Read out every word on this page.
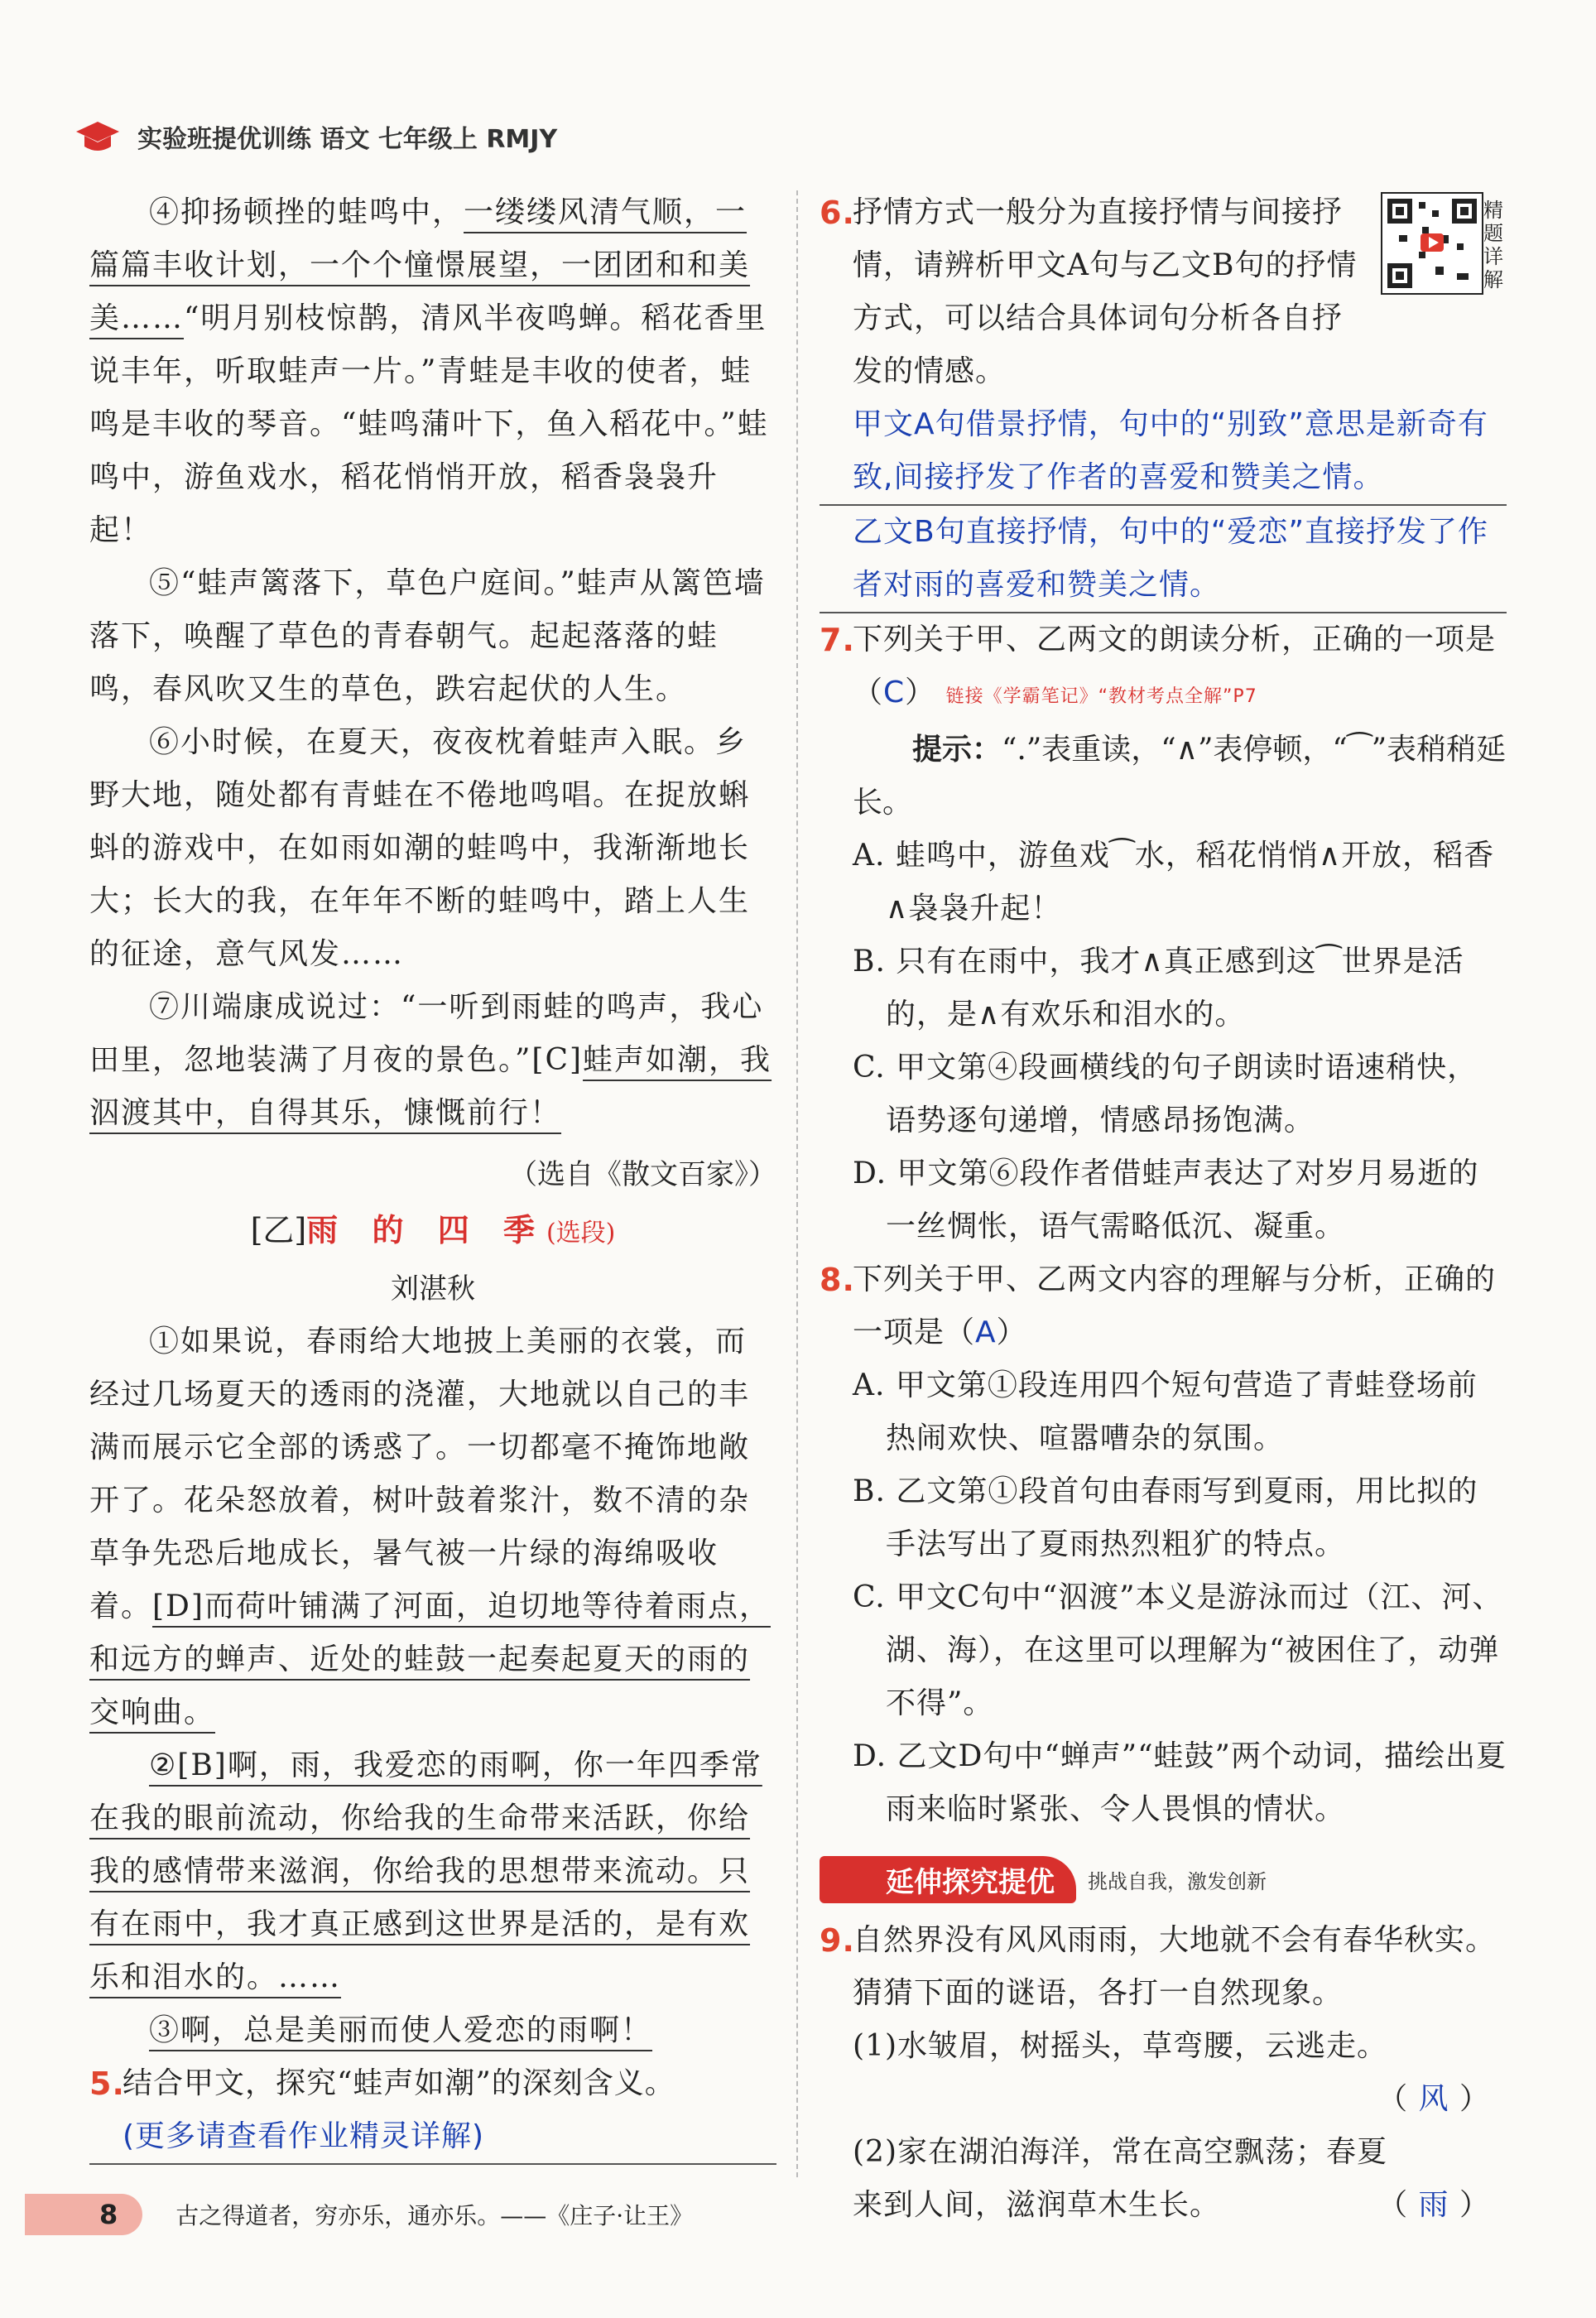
实验班提优训练 语文 七年级上 RMJY

④抑扬顿挫的蛙鸣中，一缕缕风清气顺，一篇篇丰收计划，一个个憧憬展望，一团团和和美美……“明月别枝惊鹊，清风半夜鸣蝉。稻花香里说丰年，听取蛙声一片。”青蛙是丰收的使者，蛙鸣是丰收的琴音。“蛙鸣蒲叶下，鱼入稻花中。”蛙鸣中，游鱼戏水，稻花悄悄开放，稻香袅袅升起！

⑤“蛙声篱落下，草色户庭间。”蛙声从篱笆墙落下，唤醒了草色的青春朝气。起起落落的蛙鸣，春风吹又生的草色，跌宕起伏的人生。

⑥小时候，在夏天，夜夜枕着蛙声入眠。乡野大地，随处都有青蛙在不倦地鸣唱。在捉放蝌蚪的游戏中，在如雨如潮的蛙鸣中，我渐渐地长大；长大的我，在年年不断的蛙鸣中，踏上人生的征途，意气风发……

⑦川端康成说过：“一听到雨蛙的鸣声，我心田里，忽地装满了月夜的景色。”[C]蛙声如潮，我泅渡其中，自得其乐，慷慨前行！

（选自《散文百家》）

[乙]雨 的 四 季(选段)

刘湛秋

①如果说，春雨给大地披上美丽的衣裳，而经过几场夏天的透雨的浇灌，大地就以自己的丰满而展示它全部的诱惑了。一切都毫不掩饰地敞开了。花朵怒放着，树叶鼓着浆汁，数不清的杂草争先恐后地成长，暑气被一片绿的海绵吸收着。[D]而荷叶铺满了河面，迫切地等待着雨点，和远方的蝉声、近处的蛙鼓一起奏起夏天的雨的交响曲。

②[B]啊，雨，我爱恋的雨啊，你一年四季常在我的眼前流动，你给我的生命带来活跃，你给我的感情带来滋润，你给我的思想带来流动。只有在雨中，我才真正感到这世界是活的，是有欢乐和泪水的。……

③啊，总是美丽而使人爱恋的雨啊！

5.
结合甲文，探究“蛙声如潮”的深刻含义。

(更多请查看作业精灵详解)

精题详解

6.
抒情方式一般分为直接抒情与间接抒情，请辨析甲文A句与乙文B句的抒情方式，可以结合具体词句分析各自抒发的情感。

甲文A句借景抒情，句中的“别致”意思是新奇有致,间接抒发了作者的喜爱和赞美之情。

乙文B句直接抒情，句中的“爱恋”直接抒发了作者对雨的喜爱和赞美之情。

7.
下列关于甲、乙两文的朗读分析，正确的一项是（C） 链接《学霸笔记》“教材考点全解”P7

提示：“.”表重读，“∧”表停顿，“⁀”表稍稍延长。

A. 蛙鸣中，游鱼戏⁀水，稻花悄悄∧开放，稻香∧袅袅升起！

B. 只有在雨中，我才∧真正感到这⁀世界是活的，是∧有欢乐和泪水的。

C. 甲文第④段画横线的句子朗读时语速稍快，语势逐句递增，情感昂扬饱满。

D. 甲文第⑥段作者借蛙声表达了对岁月易逝的一丝惆怅，语气需略低沉、凝重。

8.
下列关于甲、乙两文内容的理解与分析，正确的一项是（A）

A. 甲文第①段连用四个短句营造了青蛙登场前热闹欢快、喧嚣嘈杂的氛围。

B. 乙文第①段首句由春雨写到夏雨，用比拟的手法写出了夏雨热烈粗犷的特点。

C. 甲文C句中“泅渡”本义是游泳而过（江、河、湖、海），在这里可以理解为“被困住了，动弹不得”。

D. 乙文D句中“蝉声”“蛙鼓”两个动词，描绘出夏雨来临时紧张、令人畏惧的情状。

延伸探究提优	挑战自我，激发创新

9.
自然界没有风风雨雨，大地就不会有春华秋实。猜猜下面的谜语，各打一自然现象。

(1)水皱眉，树摇头，草弯腰，云逃走。

（ 风 ）

(2)家在湖泊海洋，常在高空飘荡；春夏来到人间，滋润草木生长。	（ 雨 ）

8	古之得道者，穷亦乐，通亦乐。——《庄子·让王》
